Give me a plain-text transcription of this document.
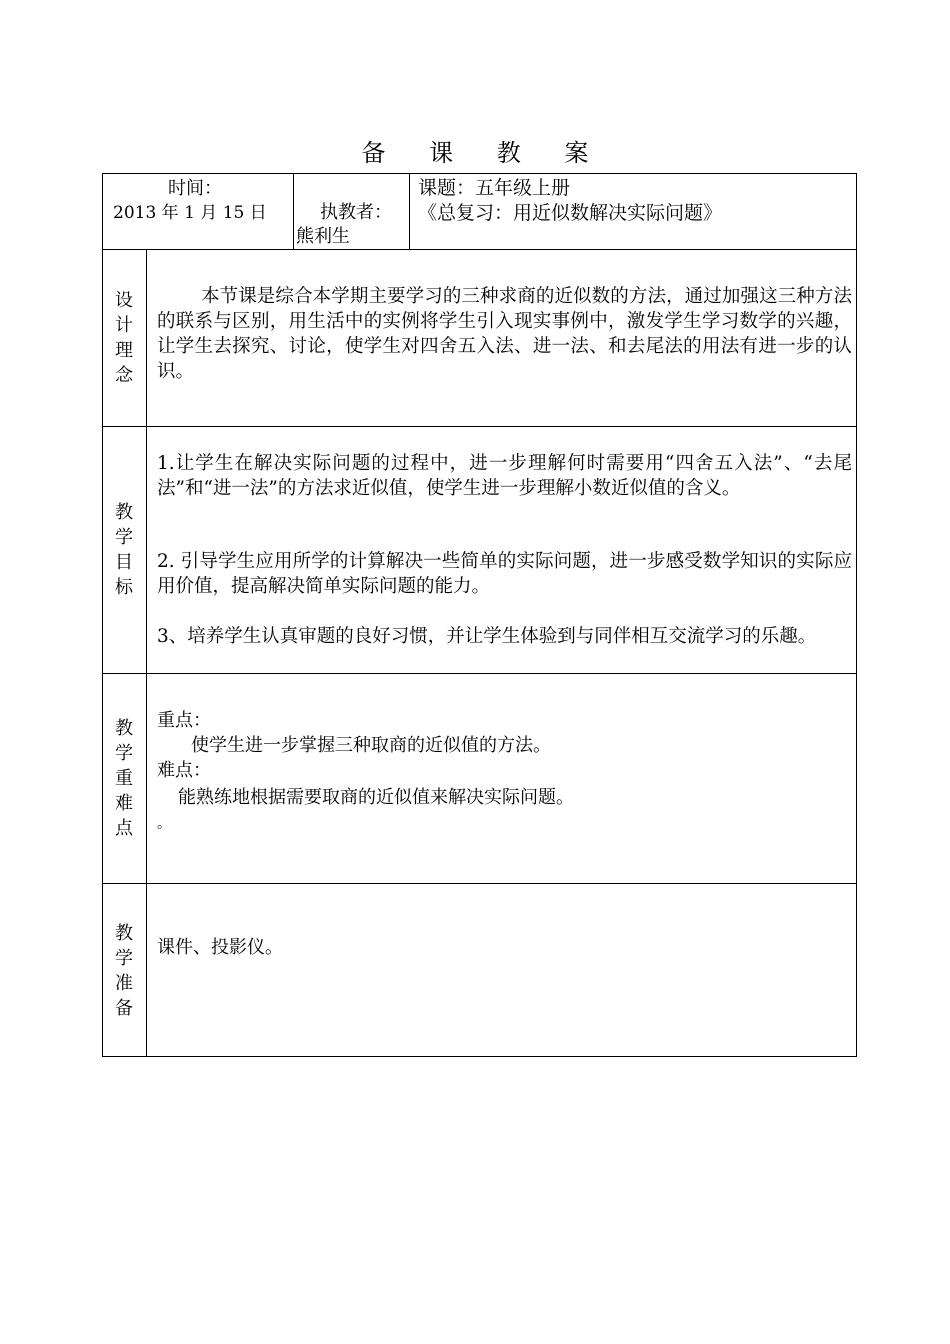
备 课 教 案
时间：
2013 年 1 月 15 日	执教者：
熊利生
课题：五年级上册
《总复习：用近似数解决实际问题》
设
计
理
念
本节课是综合本学期主要学习的三种求商的近似数的方法，通过加强这三种方法的联系与区别，用生活中的实例将学生引入现实事例中，激发学生学习数学的兴趣，让学生去探究、讨论，使学生对四舍五入法、进一法、和去尾法的用法有进一步的认识。
教
学
目
标
1.让学生在解决实际问题的过程中，进一步理解何时需要用“四舍五入法”、“去尾法”和“进一法”的方法求近似值，使学生进一步理解小数近似值的含义。
2. 引导学生应用所学的计算解决一些简单的实际问题，进一步感受数学知识的实际应用价值，提高解决简单实际问题的能力。
3、培养学生认真审题的良好习惯，并让学生体验到与同伴相互交流学习的乐趣。
教
学
重
难
点
重点：
使学生进一步掌握三种取商的近似值的方法。
难点：
能熟练地根据需要取商的近似值来解决实际问题。
。
教
学
准
备
课件、投影仪。
